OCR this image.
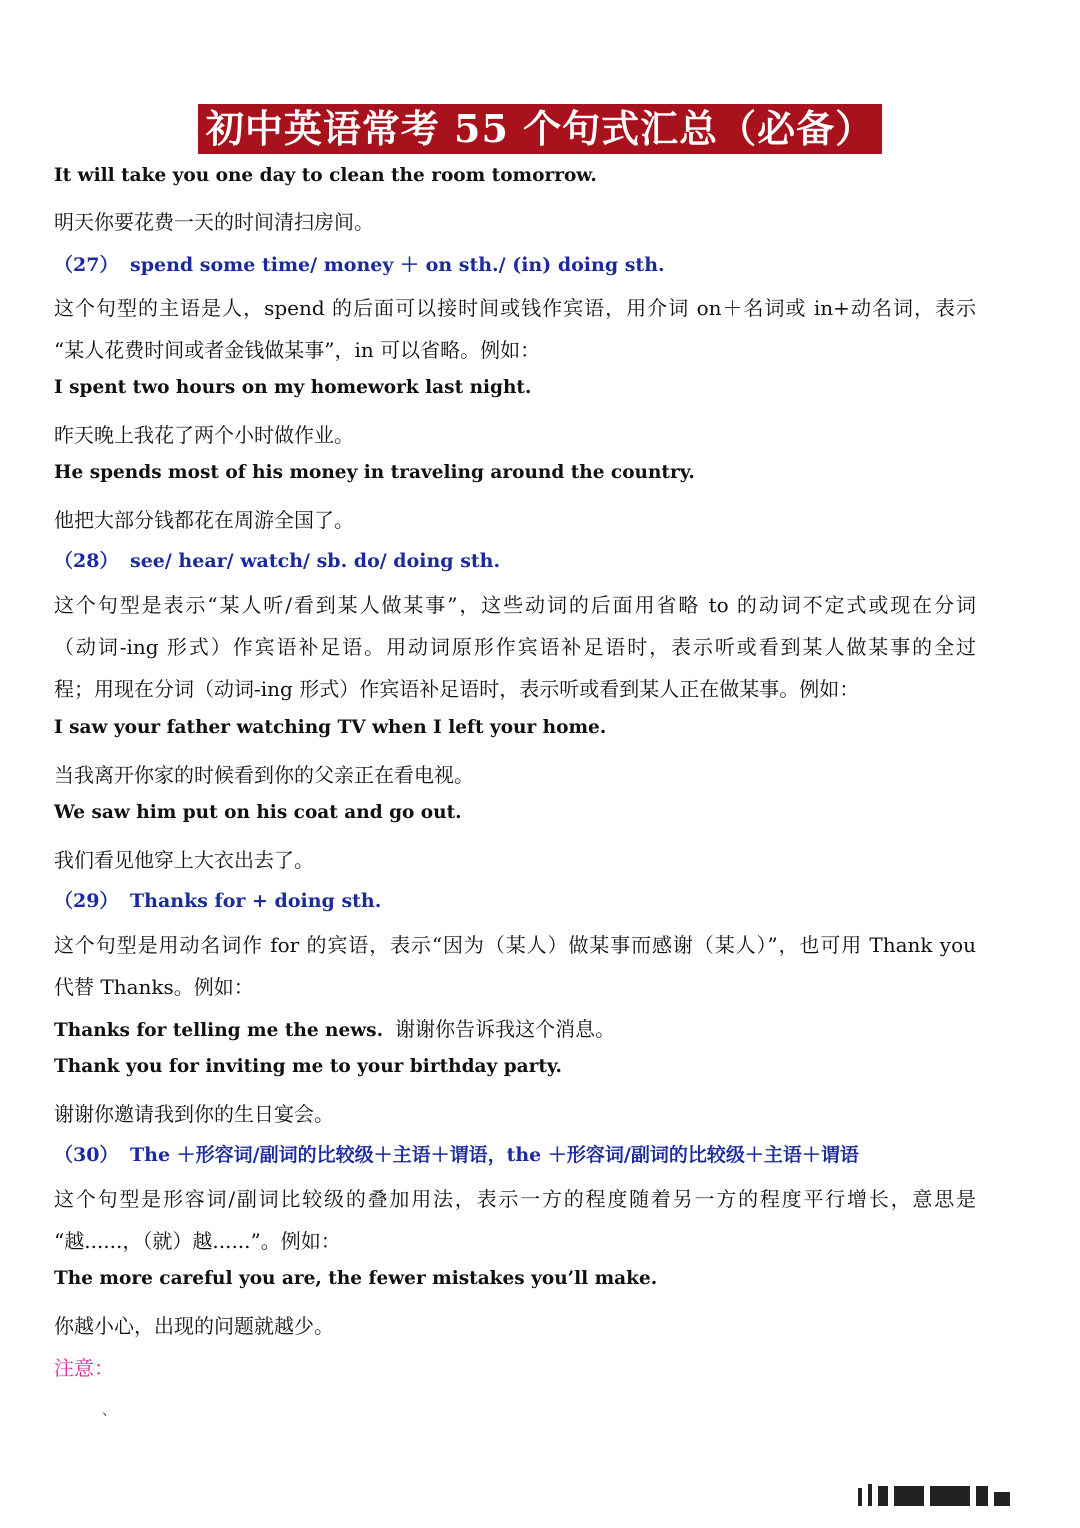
初中英语常考 55 个句式汇总（必备）
It will take you one day to clean the room tomorrow.
明天你要花费一天的时间清扫房间。
（27） spend some time/ money ＋ on sth./ (in) doing sth.
这个句型的主语是人，spend 的后面可以接时间或钱作宾语，用介词 on＋名词或 in+动名词，表示
“某人花费时间或者金钱做某事”，in 可以省略。例如：
I spent two hours on my homework last night.
昨天晚上我花了两个小时做作业。
He spends most of his money in traveling around the country.
他把大部分钱都花在周游全国了。
（28） see/ hear/ watch/ sb. do/ doing sth.
这个句型是表示“某人听/看到某人做某事”，这些动词的后面用省略 to 的动词不定式或现在分词
（动词-ing 形式）作宾语补足语。用动词原形作宾语补足语时，表示听或看到某人做某事的全过
程；用现在分词（动词-ing 形式）作宾语补足语时，表示听或看到某人正在做某事。例如：
I saw your father watching TV when I left your home.
当我离开你家的时候看到你的父亲正在看电视。
We saw him put on his coat and go out.
我们看见他穿上大衣出去了。
（29） Thanks for + doing sth.
这个句型是用动名词作 for 的宾语，表示“因为（某人）做某事而感谢（某人）”，也可用 Thank you
代替 Thanks。例如：
Thanks for telling me the news. 谢谢你告诉我这个消息。
Thank you for inviting me to your birthday party.
谢谢你邀请我到你的生日宴会。
（30） The ＋形容词/副词的比较级＋主语＋谓语，the ＋形容词/副词的比较级＋主语＋谓语
这个句型是形容词/副词比较级的叠加用法，表示一方的程度随着另一方的程度平行增长，意思是
“越......，（就）越......”。例如：
The more careful you are, the fewer mistakes you’ll make.
你越小心，出现的问题就越少。
注意：
、
